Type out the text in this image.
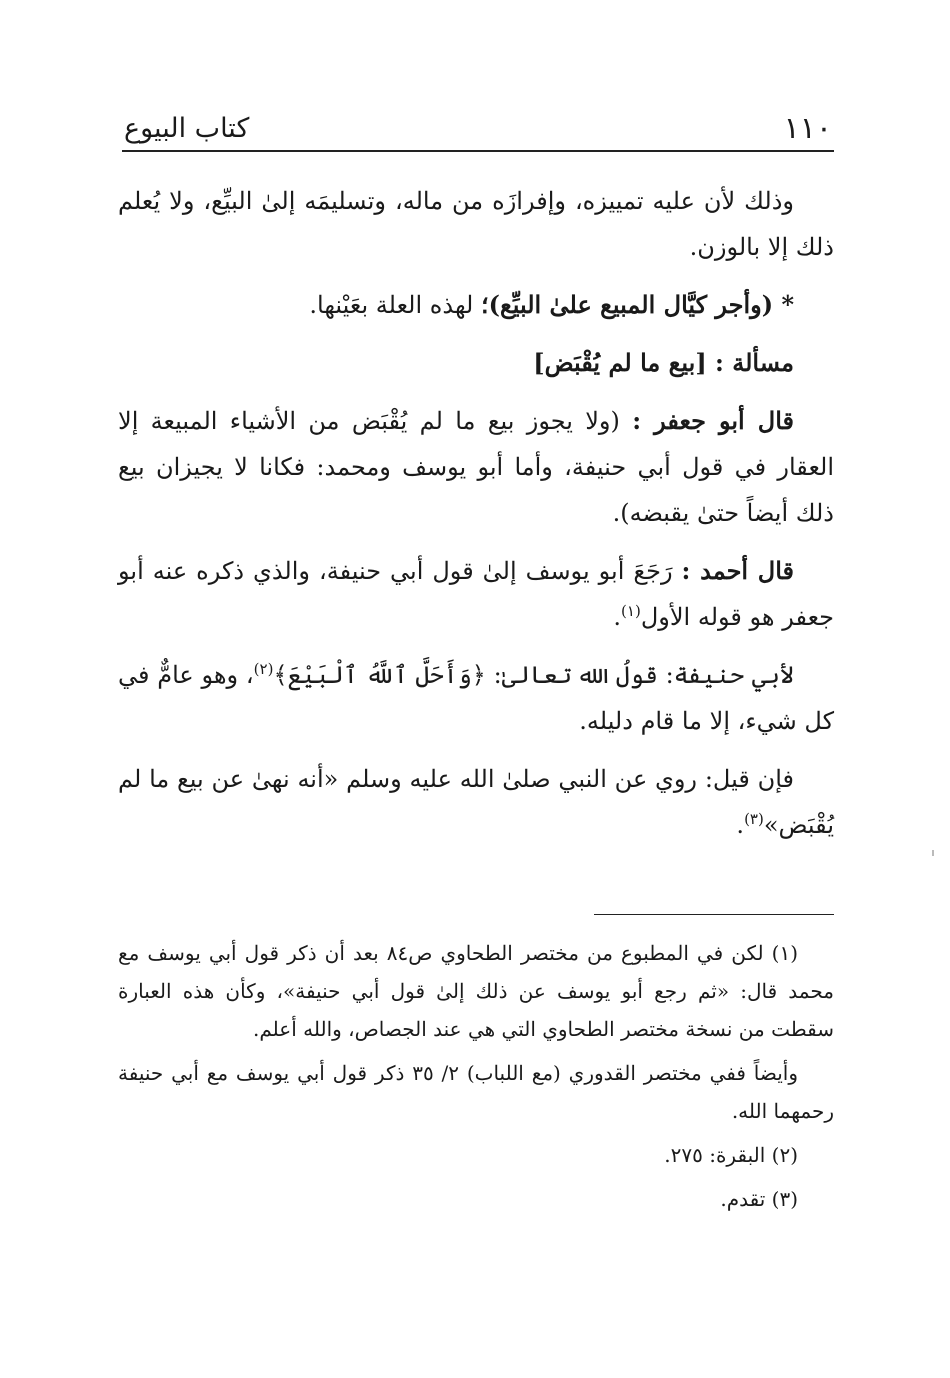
١١٠
كتاب البيوع

وذلك لأن عليه تمييزه، وإفرازَه من ماله، وتسليمَه إلىٰ البيِّع، ولا يُعلم ذلك إلا بالوزن.

* (وأجر كيَّال المبيع علىٰ البيِّع)؛ لهذه العلة بعَيْنها.

مسألة : [بيع ما لم يُقْبَض]

قال أبو جعفر : (ولا يجوز بيع ما لم يُقْبَض من الأشياء المبيعة إلا العقار في قول أبي حنيفة، وأما أبو يوسف ومحمد: فكانا لا يجيزان بيع ذلك أيضاً حتىٰ يقبضه).

قال أحمد : رَجَعَ أبو يوسف إلىٰ قول أبي حنيفة، والذي ذكره عنه أبو جعفر هو قوله الأول$^{(١)}$.

لأبي حنيفة: قولُ الله تعالىٰ: ﴿وَأَحَلَّ ٱللَّهُ ٱلْبَيْعَ﴾$^{(٢)}$، وهو عامٌّ في كل شيء، إلا ما قام دليله.

فإن قيل: روي عن النبي صلىٰ الله عليه وسلم «أنه نهىٰ عن بيع ما لم يُقْبَض»$^{(٣)}$.

(١) لكن في المطبوع من مختصر الطحاوي ص٨٤ بعد أن ذكر قول أبي يوسف مع محمد قال: «ثم رجع أبو يوسف عن ذلك إلىٰ قول أبي حنيفة»، وكأن هذه العبارة سقطت من نسخة مختصر الطحاوي التي هي عند الجصاص، والله أعلم.

وأيضاً ففي مختصر القدوري (مع اللباب) ٢/ ٣٥ ذكر قول أبي يوسف مع أبي حنيفة رحمهما الله.

(٢) البقرة: ٢٧٥.

(٣) تقدم.
